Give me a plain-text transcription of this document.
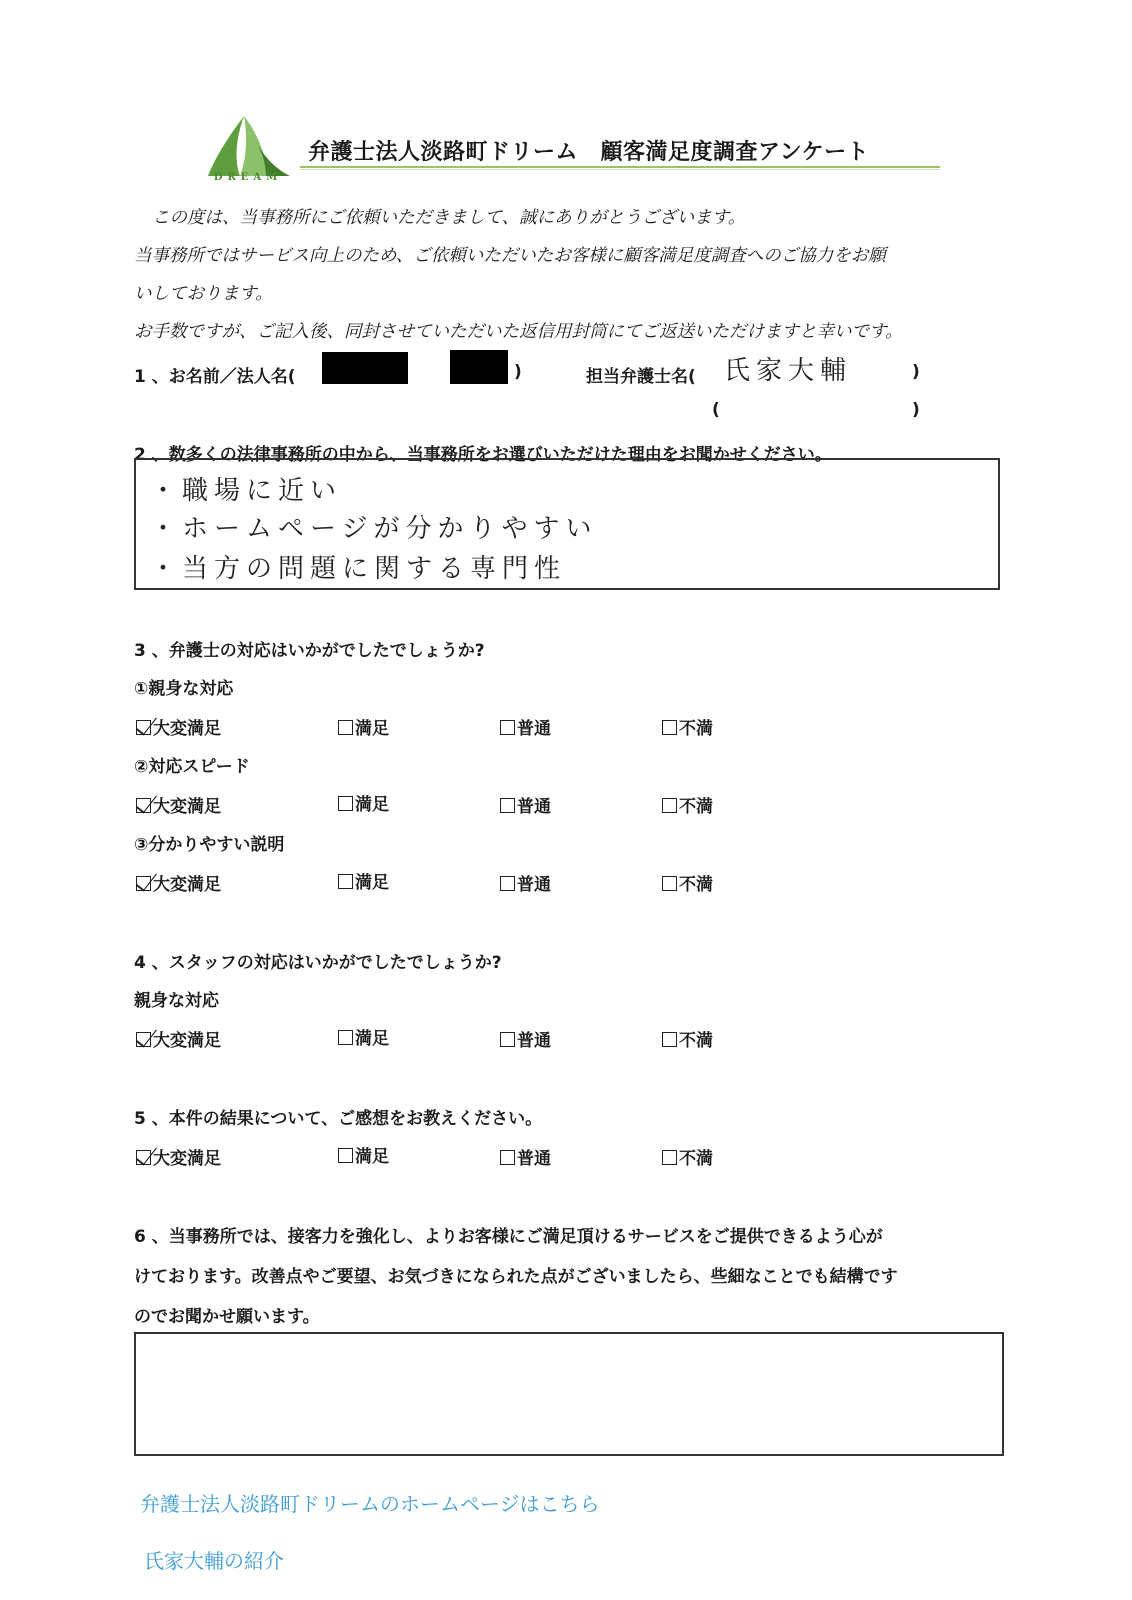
DREAM
弁護士法人淡路町ドリーム　顧客満足度調査アンケート
この度は、当事務所にご依頼いただきまして、誠にありがとうございます。
当事務所ではサービス向上のため、ご依頼いただいたお客様に顧客満足度調査へのご協力をお願
いしております。
お手数ですが、ご記入後、同封させていただいた返信用封筒にてご返送いただけますと幸いです。
1 、お名前／法人名(	)	担当弁護士名( 氏家大輔	)
(	)
2 、数多くの法律事務所の中から、当事務所をお選びいただけた理由をお聞かせください。
・職場に近い
・ホームページが分かりやすい
・当方の問題に関する専門性
3 、弁護士の対応はいかがでしたでしょうか?
①親身な対応
大変満足	満足	普通	不満
②対応スピード
大変満足	満足	普通	不満
③分かりやすい説明
大変満足	満足	普通	不満
4 、スタッフの対応はいかがでしたでしょうか?
親身な対応
大変満足	満足	普通	不満
5 、本件の結果について、ご感想をお教えください。
大変満足	満足	普通	不満
6 、当事務所では、接客力を強化し、よりお客様にご満足頂けるサービスをご提供できるよう心が
けております。改善点やご要望、お気づきになられた点がございましたら、些細なことでも結構です
のでお聞かせ願います。
弁護士法人淡路町ドリームのホームページはこちら
氏家大輔の紹介
